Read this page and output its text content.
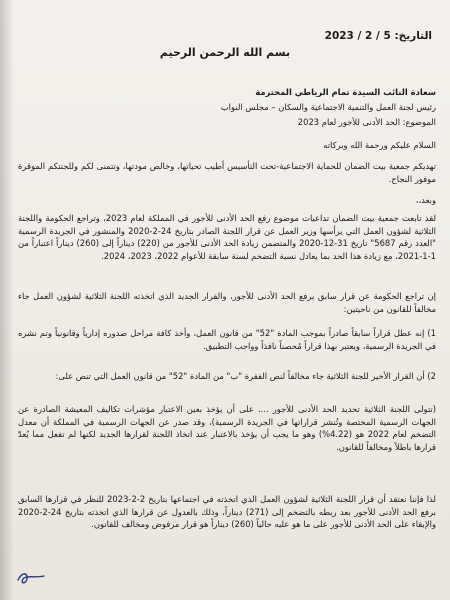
التاريخ: 5 / 2 / 2023
بسم الله الرحمن الرحيم
سعادة النائب السيدة تمام الرياطي المحترمة
رئيس لجنة العمل والتنمية الاجتماعية والسكان – مجلس النواب
الموضوع: الحد الأدنى للأجور لعام 2023
السلام عليكم ورحمة الله وبركاته
تهديكم جمعية بيت الضمان للحماية الاجتماعية-تحت التأسيس أطيب تحياتها، وخالص مودتها، وتتمنى لكم وللجنتكم الموقرة موفور النجاح.
وبعد،،
لقد تابعت جمعية بيت الضمان تداعيات موضوع رفع الحد الأدنى للأجور في المملكة لعام 2023، وتراجع الحكومة واللجنة الثلاثية لشؤون العمل التي يرأسها وزير العمل عن قرار اللجنة الصادر بتاريخ 24-2-2020 والمنشور في الجريدة الرسمية "العدد رقم 5687" تاريخ 31-12-2020 والمتضمن زيادة الحد الأدنى للأجور من (220) ديناراً إلى (260) ديناراً اعتباراً من 1-1-2021، مع زيادة هذا الحد بما يعادل نسبة التضخم لسنة سابقة للأعوام 2022، 2023، 2024.
إن تراجع الحكومة عن قرار سابق برفع الحد الأدنى للأجور، والقرار الجديد الذي اتخذته اللجنة الثلاثية لشؤون العمل جاء مخالفاً للقانون من ناحيتين:
1) إنه عطل قراراً سابقاً صادراً بموجب المادة "52" من قانون العمل، وأخذ كافة مراحل صدوره إدارياً وقانونياً وتم نشره في الجريدة الرسمية، ويعتبر بهذا قراراً مُحصناً نافذاً وواجب التطبيق.
2) أن القرار الأخير للجنة الثلاثية جاء مخالفاً لنص الفقرة "ب" من المادة "52" من قانون العمل التي تنص على:
(تتولى اللجنة الثلاثية تحديد الحد الأدنى للأجور .... على أن يؤخذ بعين الاعتبار مؤشرات تكاليف المعيشة الصادرة عن الجهات الرسمية المختصة وتُنشر قراراتها في الجريدة الرسمية)، وقد صدر عن الجهات الرسمية في المملكة أن معدل التضخم لعام 2022 هو (4.22%) وهو ما يجب أن يؤخذ بالاعتبار عند اتخاذ اللجنة لقرارها الجديد لكنها لم تفعل مما يُعدّ قرارها باطلاً ومخالفاً للقانون.
لذا فإننا نعتقد أن قرار اللجنة الثلاثية لشؤون العمل الذي اتخذته في اجتماعها بتاريخ 2-2-2023 للنظر في قرارها السابق برفع الحد الأدنى للأجور بعد ربطه بالتضخم إلى (271) ديناراً، وذلك بالعدول عن قرارها الذي اتخذته بتاريخ 24-2-2020 والإبقاء على الحد الأدنى للأجور على ما هو عليه حالياً (260) ديناراً هو قرار مرفوض ومخالف للقانون.
